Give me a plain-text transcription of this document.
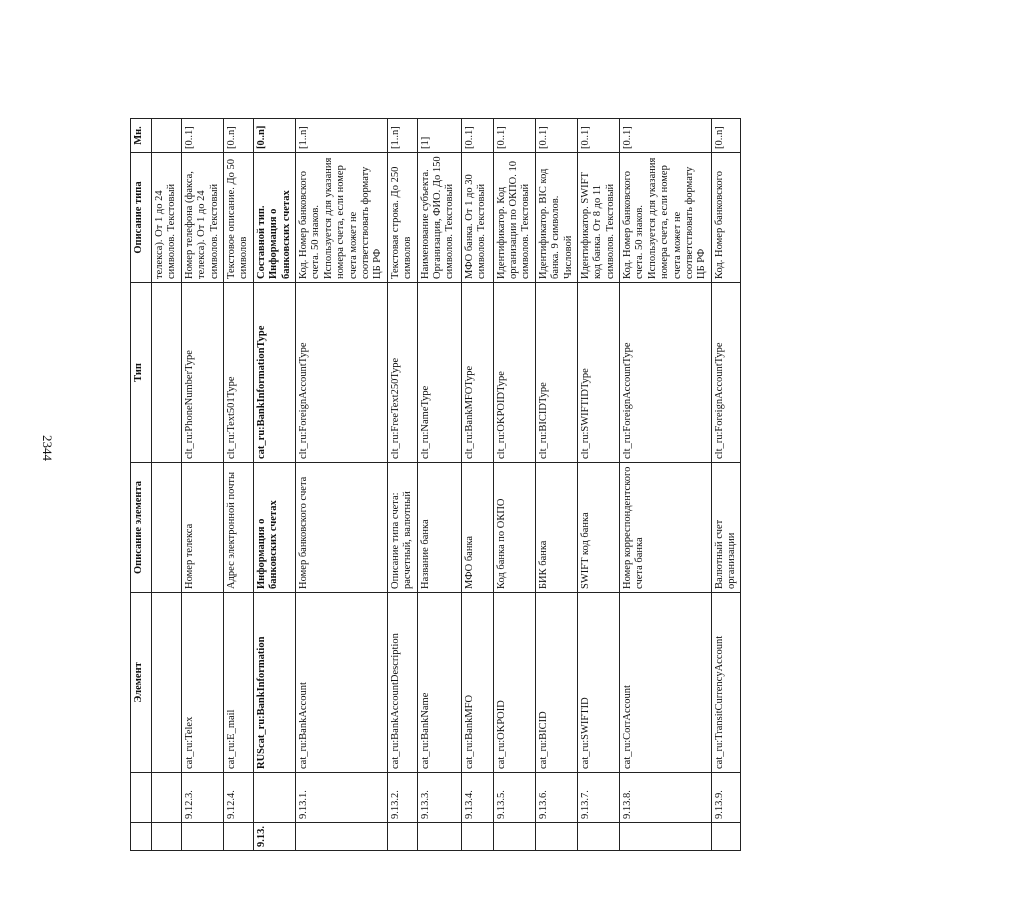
2344
		Элемент	Описание элемента	Тип	Описание типа	Мн.
					телекса). От 1 до 24 символов. Текстовый	
	9.12.3.	cat_ru:Telex	Номер телекса	clt_ru:PhoneNumberType	Номер телефона (факса, телекса). От 1 до 24 символов. Текстовый	[0..1]
	9.12.4.	cat_ru:E_mail	Адрес электронной почты	clt_ru:Text501Type	Текстовое описание. До 50 символов	[0..n]
9.13.		RUScat_ru:BankInformation	Информация о банковских счетах	cat_ru:BankInformationType	Составной тип. Информация о банковских счетах	[0..n]
	9.13.1.	cat_ru:BankAccount	Номер банковского счета	clt_ru:ForeignAccountType	Код. Номер банковского счета. 50 знаков. Используется для указания номера счета, если номер счета может не соответствовать формату ЦБ РФ	[1..n]
	9.13.2.	cat_ru:BankAccountDescription	Описание типа счета: расчетный, валютный	clt_ru:FreeText250Type	Текстовая строка. До 250 символов	[1..n]
	9.13.3.	cat_ru:BankName	Название банка	clt_ru:NameType	Наименование субъекта. Организация, ФИО. До 150 символов. Текстовый	[1]
	9.13.4.	cat_ru:BankMFO	МФО банка	clt_ru:BankMFOType	МФО банка. От 1 до 30 символов. Текстовый	[0..1]
	9.13.5.	cat_ru:OKPOID	Код банка по ОКПО	clt_ru:OKPOIDType	Идентификатор. Код организации по ОКПО. 10 символов. Текстовый	[0..1]
	9.13.6.	cat_ru:BICID	БИК банка	clt_ru:BICIDType	Идентификатор. BIC код банка. 9 символов. Числовой	[0..1]
	9.13.7.	cat_ru:SWIFTID	SWIFT код банка	clt_ru:SWIFTIDType	Идентификатор. SWIFT код банка. От 8 до 11 символов. Текстовый	[0..1]
	9.13.8.	cat_ru:CorrAccount	Номер корреспондентского счета банка	clt_ru:ForeignAccountType	Код. Номер банковского счета. 50 знаков. Используется для указания номера счета, если номер счета может не соответствовать формату ЦБ РФ	[0..1]
	9.13.9.	cat_ru:TransitCurrencyAccount	Валютный счет организации	clt_ru:ForeignAccountType	Код. Номер банковского	[0..n]
